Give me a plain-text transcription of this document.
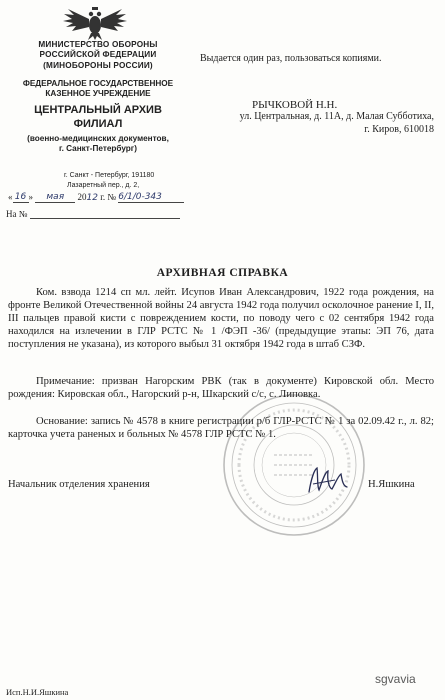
МИНИСТЕРСТВО ОБОРОНЫ
РОССИЙСКОЙ ФЕДЕРАЦИИ
(МИНОБОРОНЫ РОССИИ)
ФЕДЕРАЛЬНОЕ ГОСУДАРСТВЕННОЕ
КАЗЕННОЕ УЧРЕЖДЕНИЕ
ЦЕНТРАЛЬНЫЙ АРХИВ
ФИЛИАЛ
(военно-медицинских документов,
г. Санкт-Петербург)
г. Санкт - Петербург, 191180
Лазаретный пер., д. 2,
« 16 » мая 2012 г. № 6/1/0-343
На №
Выдается один раз, пользоваться копиями.
РЫЧКОВОЙ Н.Н.
ул. Центральная, д. 11А, д. Малая Субботиха,
г. Киров, 610018
АРХИВНАЯ СПРАВКА
Ком. взвода 1214 сп мл. лейт. Исупов Иван Александрович, 1922 года рождения, на фронте Великой Отечественной войны 24 августа 1942 года получил осколочное ранение I, II, III пальцев правой кисти с повреждением кости, по поводу чего с 02 сентября 1942 года находился на излечении в ГЛР РСТС № 1 /ФЭП -36/ (предыдущие этапы: ЭП 76, дата поступления не указана), из которого выбыл 31 октября 1942 года в штаб СЗФ.
Примечание: призван Нагорским РВК (так в документе) Кировской обл. Место рождения: Кировская обл., Нагорский р-н, Шкарский с/с, с. Липовка.
Основание: запись № 4578 в книге регистрации р/б ГЛР-РСТС № 1 за 02.09.42 г., л. 82; карточка учета раненых и больных № 4578 ГЛР РСТС № 1.
Начальник отделения хранения	Н.Яшкина
Исп.Н.И.Яшкина
sgvavia
